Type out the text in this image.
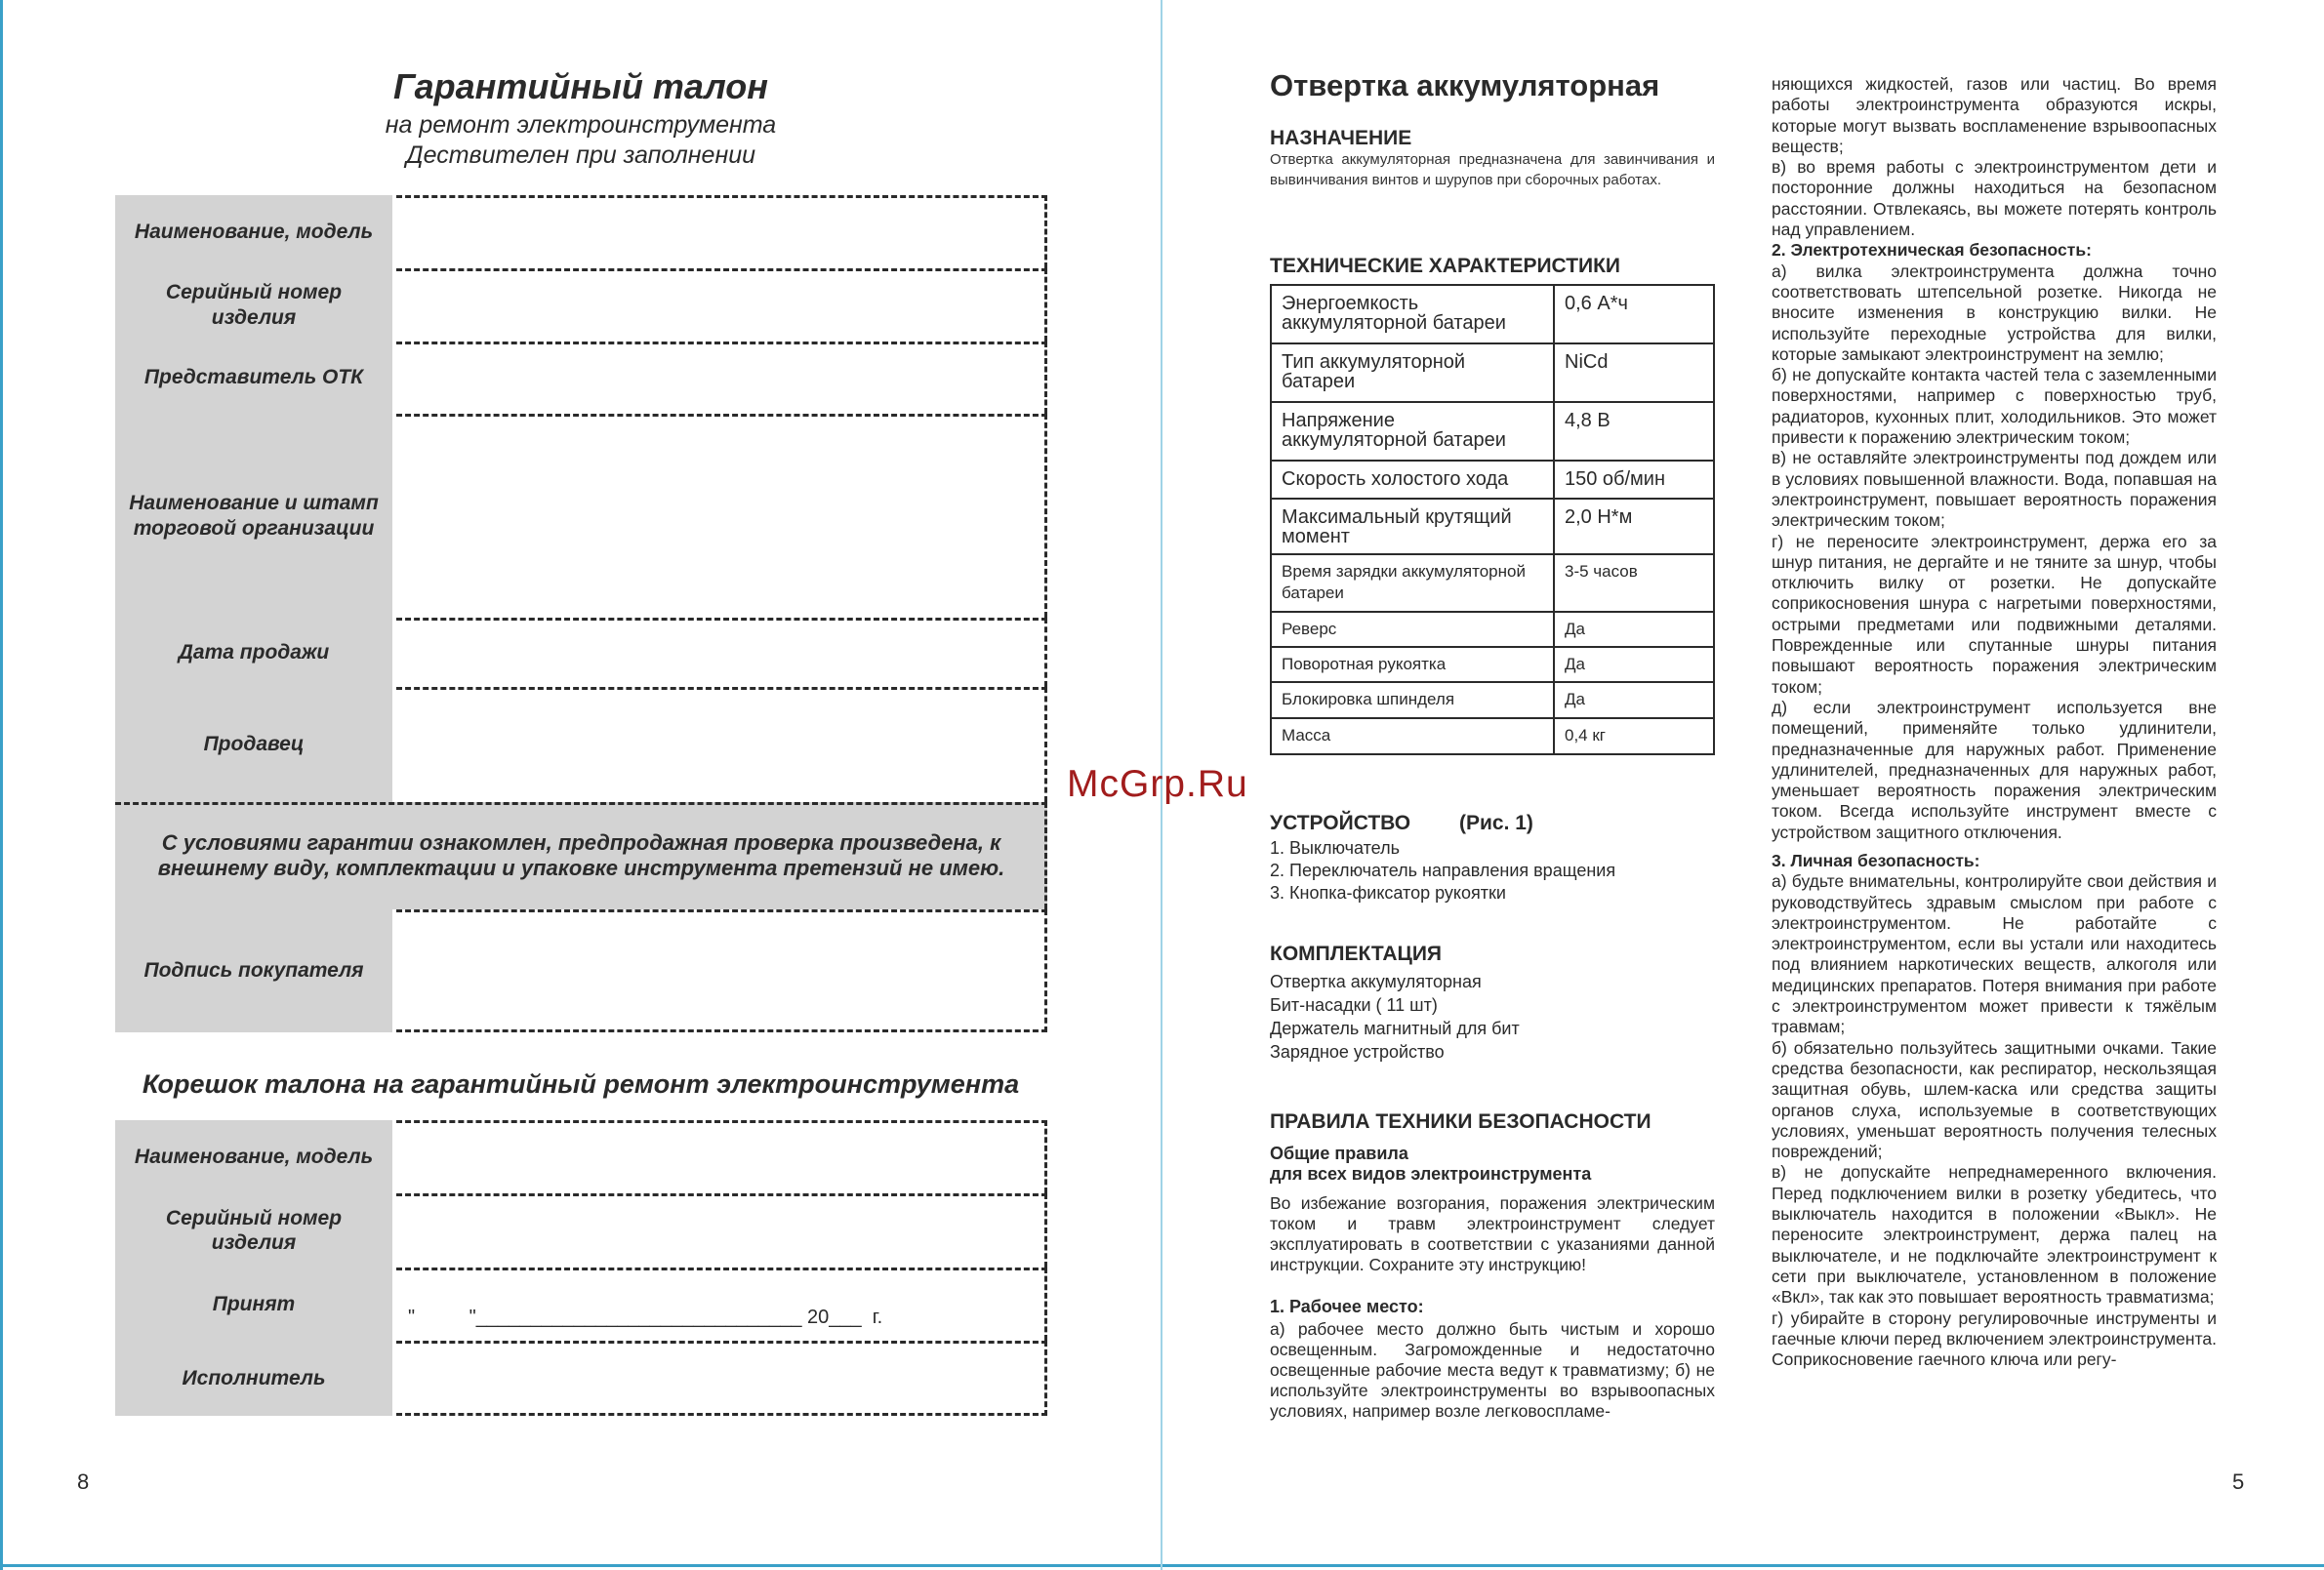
Гарантийный талон
на ремонт электроинструмента
Дествителен при заполнении
Наименование, модель
Серийный номер изделия
Представитель ОТК
Наименование и штамп торговой организации
Дата продажи
Продавец
С условиями гарантии ознакомлен, предпродажная проверка произведена, к внешнему виду, комплектации и упаковке инструмента претензий не имею.
Подпись покупателя
Корешок талона на гарантийный ремонт электроинструмента
Наименование, модель
Серийный номер изделия
Принят
"          "______________________________ 20___  г.
Исполнитель
8
McGrp.Ru
Отвертка аккумуляторная
НАЗНАЧЕНИЕ
Отвертка аккумуляторная предназначена для завинчивания и вывинчивания винтов и шурупов при сборочных работах.
ТЕХНИЧЕСКИЕ ХАРАКТЕРИСТИКИ
Энергоемкость аккумуляторной батареи	0,6 А*ч
Тип аккумуляторной батареи	NiCd
Напряжение аккумуляторной батареи	4,8 В
Скорость холостого хода	150 об/мин
Максимальный крутящий момент	2,0 Н*м
Время зарядки аккумуляторной батареи	3-5 часов
Реверс	Да
Поворотная рукоятка	Да
Блокировка шпинделя	Да
Масса	0,4 кг
УСТРОЙСТВО (Рис. 1)
1. Выключатель
2. Переключатель направления вращения
3. Кнопка-фиксатор рукоятки
КОМПЛЕКТАЦИЯ
Отвертка аккумуляторная
Бит-насадки ( 11 шт)
Держатель магнитный для бит
Зарядное устройство
ПРАВИЛА ТЕХНИКИ БЕЗОПАСНОСТИ
Общие правила
для всех видов электроинструмента
Во избежание возгорания, поражения электрическим током и травм электроинструмент следует эксплуатировать в соответствии с указаниями данной инструкции. Сохраните эту инструкцию!
1. Рабочее место:
а) рабочее место должно быть чистым и хорошо освещенным. Загроможденные и недостаточно освещенные рабочие места ведут к травматизму; б) не используйте электроинструменты во взрывоопасных условиях, например возле легковоспламе-

няющихся жидкостей, газов или частиц. Во время работы электроинструмента образуются искры, которые могут вызвать воспламенение взрывоопасных веществ;

в) во время работы с электроинструментом дети и посторонние должны находиться на безопасном расстоянии. Отвлекаясь, вы можете потерять контроль над управлением.

2. Электротехническая безопасность:

а) вилка электроинструмента должна точно соответствовать штепсельной розетке. Никогда не вносите изменения в конструкцию вилки. Не используйте переходные устройства для вилки, которые замыкают электроинструмент на землю;

б) не допускайте контакта частей тела с заземленными поверхностями, например с поверхностью труб, радиаторов, кухонных плит, холодильников. Это может привести к поражению электрическим током;

в) не оставляйте электроинструменты под дождем или в условиях повышенной влажности. Вода, попавшая на электроинструмент, повышает вероятность поражения электрическим током;

г) не переносите электроинструмент, держа его за шнур питания, не дергайте и не тяните за шнур, чтобы отключить вилку от розетки. Не допускайте соприкосновения шнура с нагретыми поверхностями, острыми предметами или подвижными деталями. Поврежденные или спутанные шнуры питания повышают вероятность поражения электрическим током;

д) если электроинструмент используется вне помещений, применяйте только удлинители, предназначенные для наружных работ. Применение удлинителей, предназначенных для наружных работ, уменьшает вероятность поражения электрическим током. Всегда используйте инструмент вместе с устройством защитного отключения.

3. Личная безопасность:

а) будьте внимательны, контролируйте свои действия и руководствуйтесь здравым смыслом при работе с электроинструментом. Не работайте с электроинструментом, если вы устали или находитесь под влиянием наркотических веществ, алкоголя или медицинских препаратов. Потеря внимания при работе с электроинструментом может привести к тяжёлым травмам;

б) обязательно пользуйтесь защитными очками. Такие средства безопасности, как респиратор, нескользящая защитная обувь, шлем-каска или средства защиты органов слуха, используемые в соответствующих условиях, уменьшат вероятность получения телесных повреждений;

в) не допускайте непреднамеренного включения. Перед подключением вилки в розетку убедитесь, что выключатель находится в положении «Выкл». Не переносите электроинструмент, держа палец на выключателе, и не подключайте электроинструмент к сети при выключателе, установленном в положение «Вкл», так как это повышает вероятность травматизма;

г) убирайте в сторону регулировочные инструменты и гаечные ключи перед включением электроинструмента. Соприкосновение гаечного ключа или регу-

5
